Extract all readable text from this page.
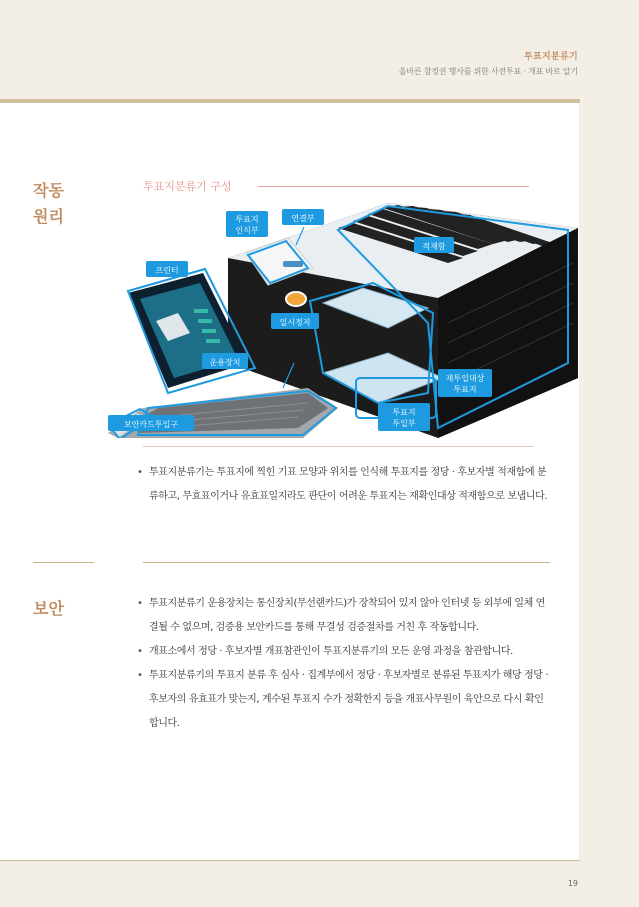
투표지분류기
올바른 참정권 행사를 위한 사전투표 · 개표 바로 알기
작동
원리
투표지분류기 구성
투표지
인식부
연결부
적재함
프린터
일시정지
운용장치
재투입대상
투표지
투표지
투입부
보안카드투입구
• 투표지분류기는 투표지에 찍힌 기표 모양과 위치를 인식해 투표지를 정당 · 후보자별 적재함에 분류하고, 무효표이거나 유효표일지라도 판단이 어려운 투표지는 재확인대상 적재함으로 보냅니다.
보안
•	투표지분류기 운용장치는 통신장치(무선랜카드)가 장착되어 있지 않아 인터넷 등 외부에 일체 연결될 수 없으며, 검증용 보안카드를 통해 무결성 검증절차를 거친 후 작동합니다.
• 개표소에서 정당 · 후보자별 개표참관인이 투표지분류기의 모든 운영 과정을 참관합니다.
• 투표지분류기의 투표지 분류 후 심사 · 집계부에서 정당 · 후보자별로 분류된 투표지가 해당 정당 · 후보자의 유효표가 맞는지, 계수된 투표지 수가 정확한지 등을 개표사무원이 육안으로 다시 확인합니다.
19
